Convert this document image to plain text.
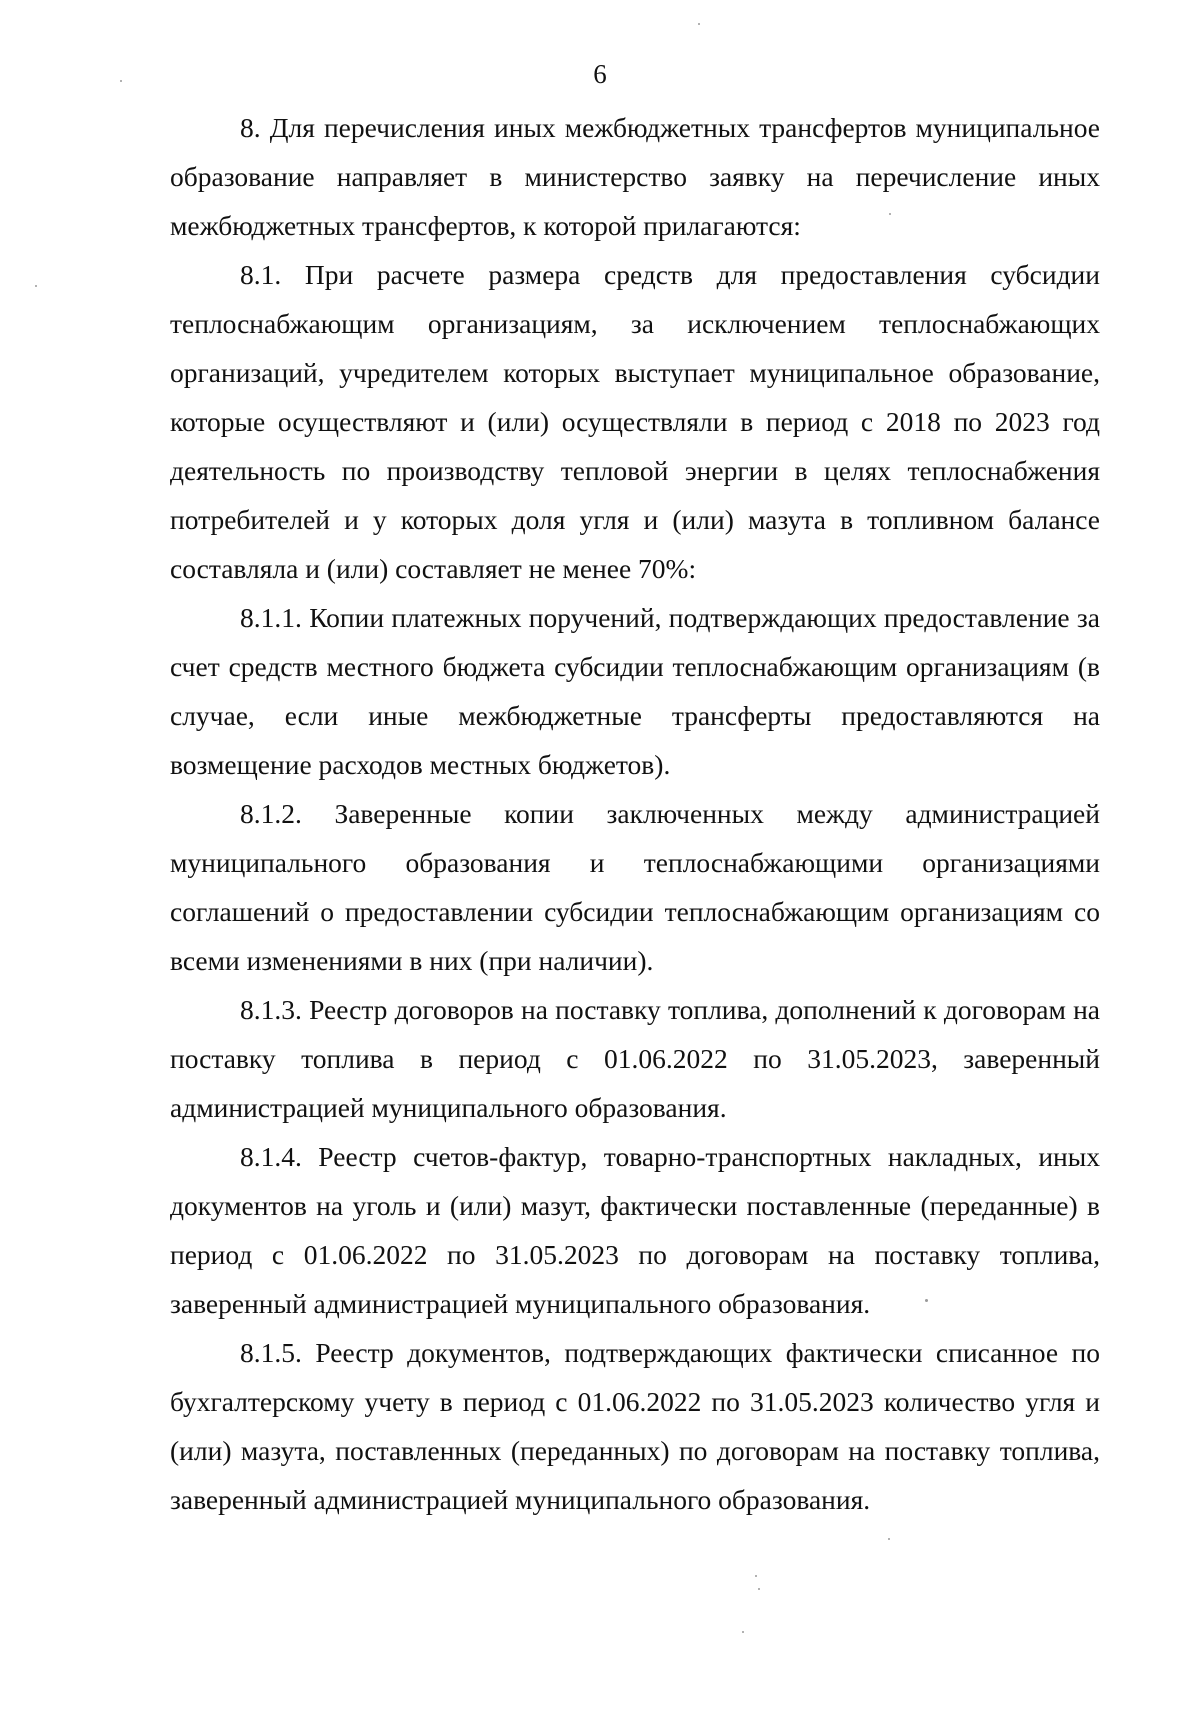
6

8. Для перечисления иных межбюджетных трансфертов муниципальное образование направляет в министерство заявку на перечисление иных межбюджетных трансфертов, к которой прилагаются:

8.1. При расчете размера средств для предоставления субсидии теплоснабжающим организациям, за исключением теплоснабжающих организаций, учредителем которых выступает муниципальное образование, которые осуществляют и (или) осуществляли в период с 2018 по 2023 год деятельность по производству тепловой энергии в целях теплоснабжения потребителей и у которых доля угля и (или) мазута в топливном балансе составляла и (или) составляет не менее 70%:

8.1.1. Копии платежных поручений, подтверждающих предоставление за счет средств местного бюджета субсидии теплоснабжающим организациям (в случае, если иные межбюджетные трансферты предоставляются на возмещение расходов местных бюджетов).

8.1.2. Заверенные копии заключенных между администрацией муниципального образования и теплоснабжающими организациями соглашений о предоставлении субсидии теплоснабжающим организациям со всеми изменениями в них (при наличии).

8.1.3. Реестр договоров на поставку топлива, дополнений к договорам на поставку топлива в период с 01.06.2022 по 31.05.2023, заверенный администрацией муниципального образования.

8.1.4. Реестр счетов-фактур, товарно-транспортных накладных, иных документов на уголь и (или) мазут, фактически поставленные (переданные) в период с 01.06.2022 по 31.05.2023 по договорам на поставку топлива, заверенный администрацией муниципального образования.

8.1.5. Реестр документов, подтверждающих фактически списанное по бухгалтерскому учету в период с 01.06.2022 по 31.05.2023 количество угля и (или) мазута, поставленных (переданных) по договорам на поставку топлива, заверенный администрацией муниципального образования.
